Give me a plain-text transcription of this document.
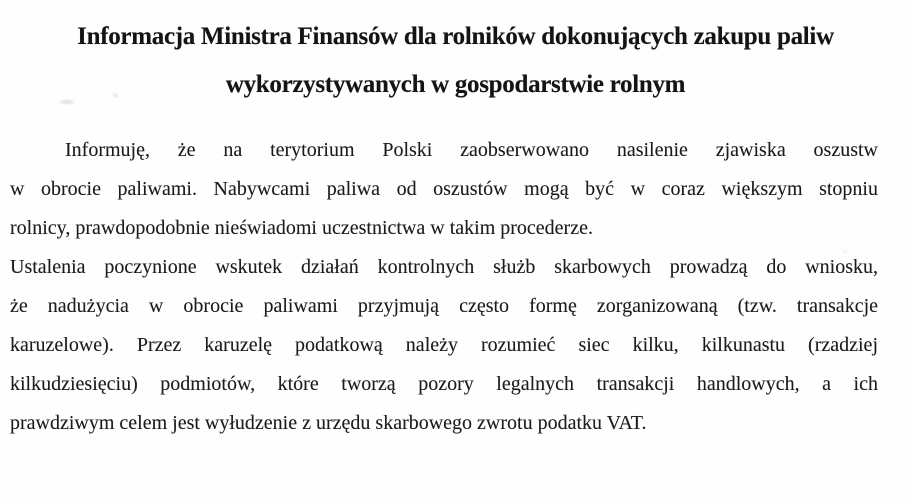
Informacja Ministra Finansów dla rolników dokonujących zakupu paliw
wykorzystywanych w gospodarstwie rolnym
Informuję, że na terytorium Polski zaobserwowano nasilenie zjawiska oszustw
w obrocie paliwami. Nabywcami paliwa od oszustów mogą być w coraz większym stopniu
rolnicy, prawdopodobnie nieświadomi uczestnictwa w takim procederze.
Ustalenia poczynione wskutek działań kontrolnych służb skarbowych prowadzą do wniosku,
że nadużycia w obrocie paliwami przyjmują często formę zorganizowaną (tzw. transakcje
karuzelowe). Przez karuzelę podatkową należy rozumieć siec kilku, kilkunastu (rzadziej
kilkudziesięciu) podmiotów, które tworzą pozory legalnych transakcji handlowych, a ich
prawdziwym celem jest wyłudzenie z urzędu skarbowego zwrotu podatku VAT.
